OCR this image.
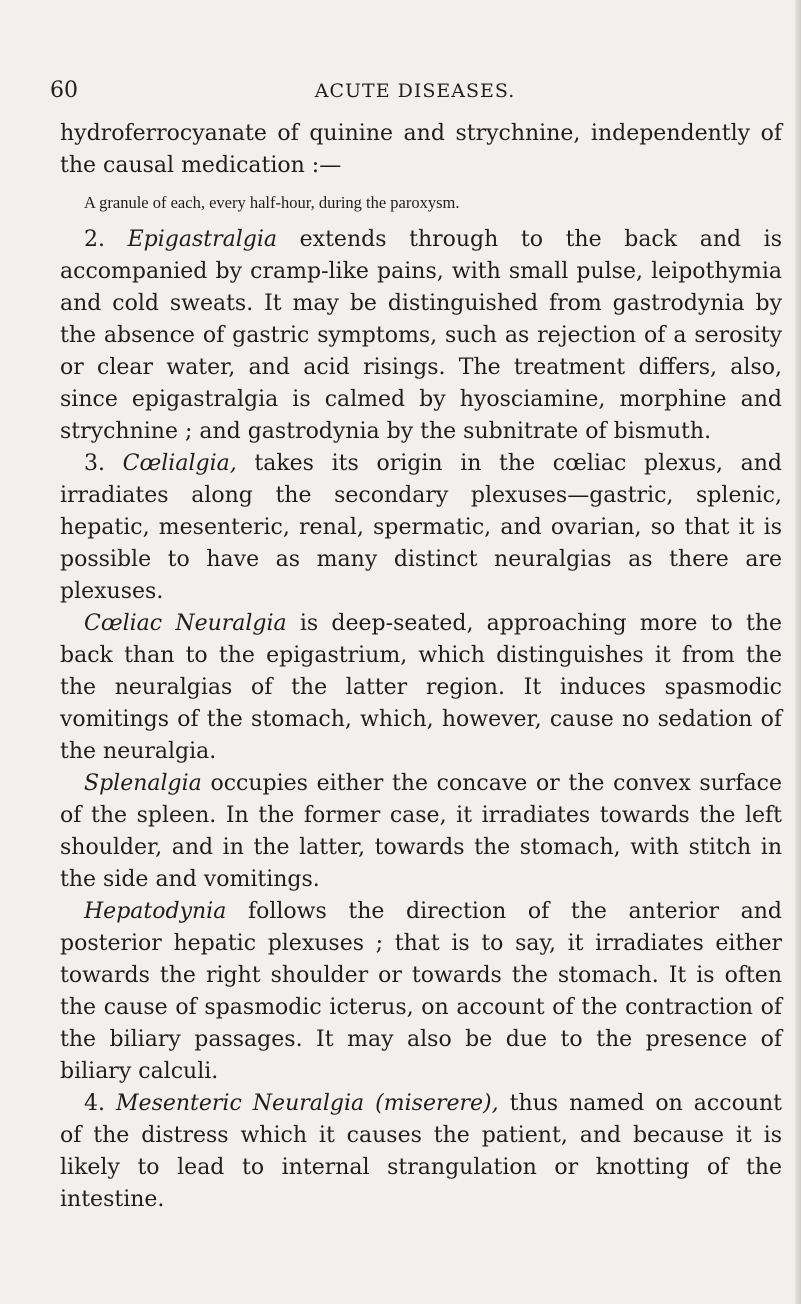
60	ACUTE DISEASES.

hydroferrocyanate of quinine and strychnine, independently of the causal medication :—

A granule of each, every half-hour, during the paroxysm.

2. Epigastralgia extends through to the back and is accompanied by cramp-like pains, with small pulse, leipothymia and cold sweats. It may be distinguished from gastrodynia by the absence of gastric symptoms, such as rejection of a serosity or clear water, and acid risings. The treatment differs, also, since epigastralgia is calmed by hyosciamine, morphine and strychnine ; and gastrodynia by the subnitrate of bismuth.

3. Cœlialgia, takes its origin in the cœliac plexus, and irradiates along the secondary plexuses—gastric, splenic, hepatic, mesenteric, renal, spermatic, and ovarian, so that it is possible to have as many distinct neuralgias as there are plexuses.

Cœliac Neuralgia is deep-seated, approaching more to the back than to the epigastrium, which distinguishes it from the the neuralgias of the latter region. It induces spasmodic vomitings of the stomach, which, however, cause no sedation of the neuralgia.

Splenalgia occupies either the concave or the convex surface of the spleen. In the former case, it irradiates towards the left shoulder, and in the latter, towards the stomach, with stitch in the side and vomitings.

Hepatodynia follows the direction of the anterior and posterior hepatic plexuses ; that is to say, it irradiates either towards the right shoulder or towards the stomach. It is often the cause of spasmodic icterus, on account of the contraction of the biliary passages. It may also be due to the presence of biliary calculi.

4. Mesenteric Neuralgia (miserere), thus named on account of the distress which it causes the patient, and because it is likely to lead to internal strangulation or knotting of the intestine.
